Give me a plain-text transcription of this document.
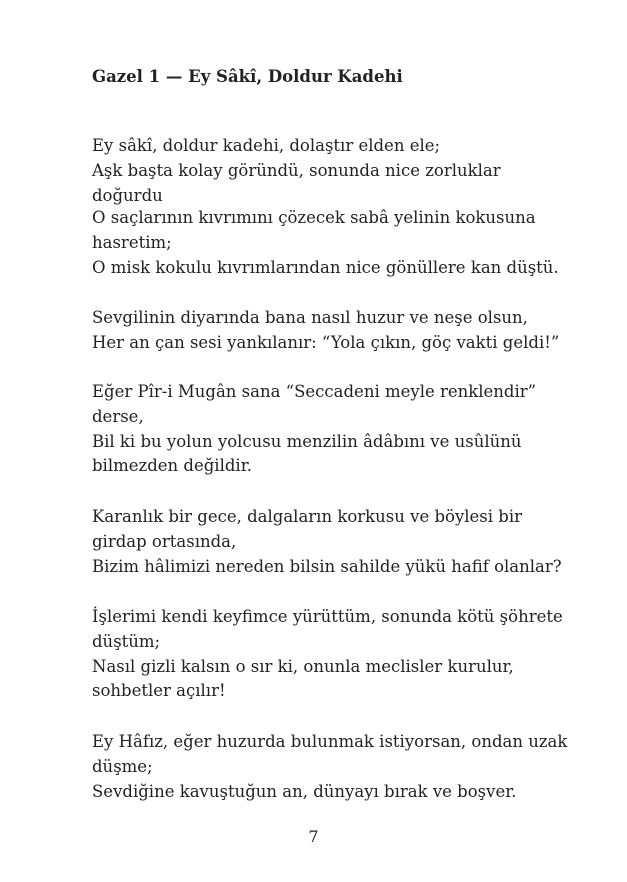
Gazel 1 — Ey Sâkî, Doldur Kadehi
Ey sâkî, doldur kadehi, dolaştır elden ele;
Aşk başta kolay göründü, sonunda nice zorluklar doğurdu
O saçlarının kıvrımını çözecek sabâ yelinin kokusuna hasretim;
O misk kokulu kıvrımlarından nice gönüllere kan düştü.
Sevgilinin diyarında bana nasıl huzur ve neşe olsun,
Her an çan sesi yankılanır: “Yola çıkın, göç vakti geldi!”
Eğer Pîr-i Mugân sana “Seccadeni meyle renklendir” derse,
Bil ki bu yolun yolcusu menzilin âdâbını ve usûlünü bilmezden değildir.
Karanlık bir gece, dalgaların korkusu ve böylesi bir girdap ortasında,
Bizim hâlimizi nereden bilsin sahilde yükü hafif olanlar?
İşlerimi kendi keyfimce yürüttüm, sonunda kötü şöhrete düştüm;
Nasıl gizli kalsın o sır ki, onunla meclisler kurulur, sohbetler açılır!
Ey Hâfız, eğer huzurda bulunmak istiyorsan, ondan uzak düşme;
Sevdiğine kavuştuğun an, dünyayı bırak ve boşver.
7
